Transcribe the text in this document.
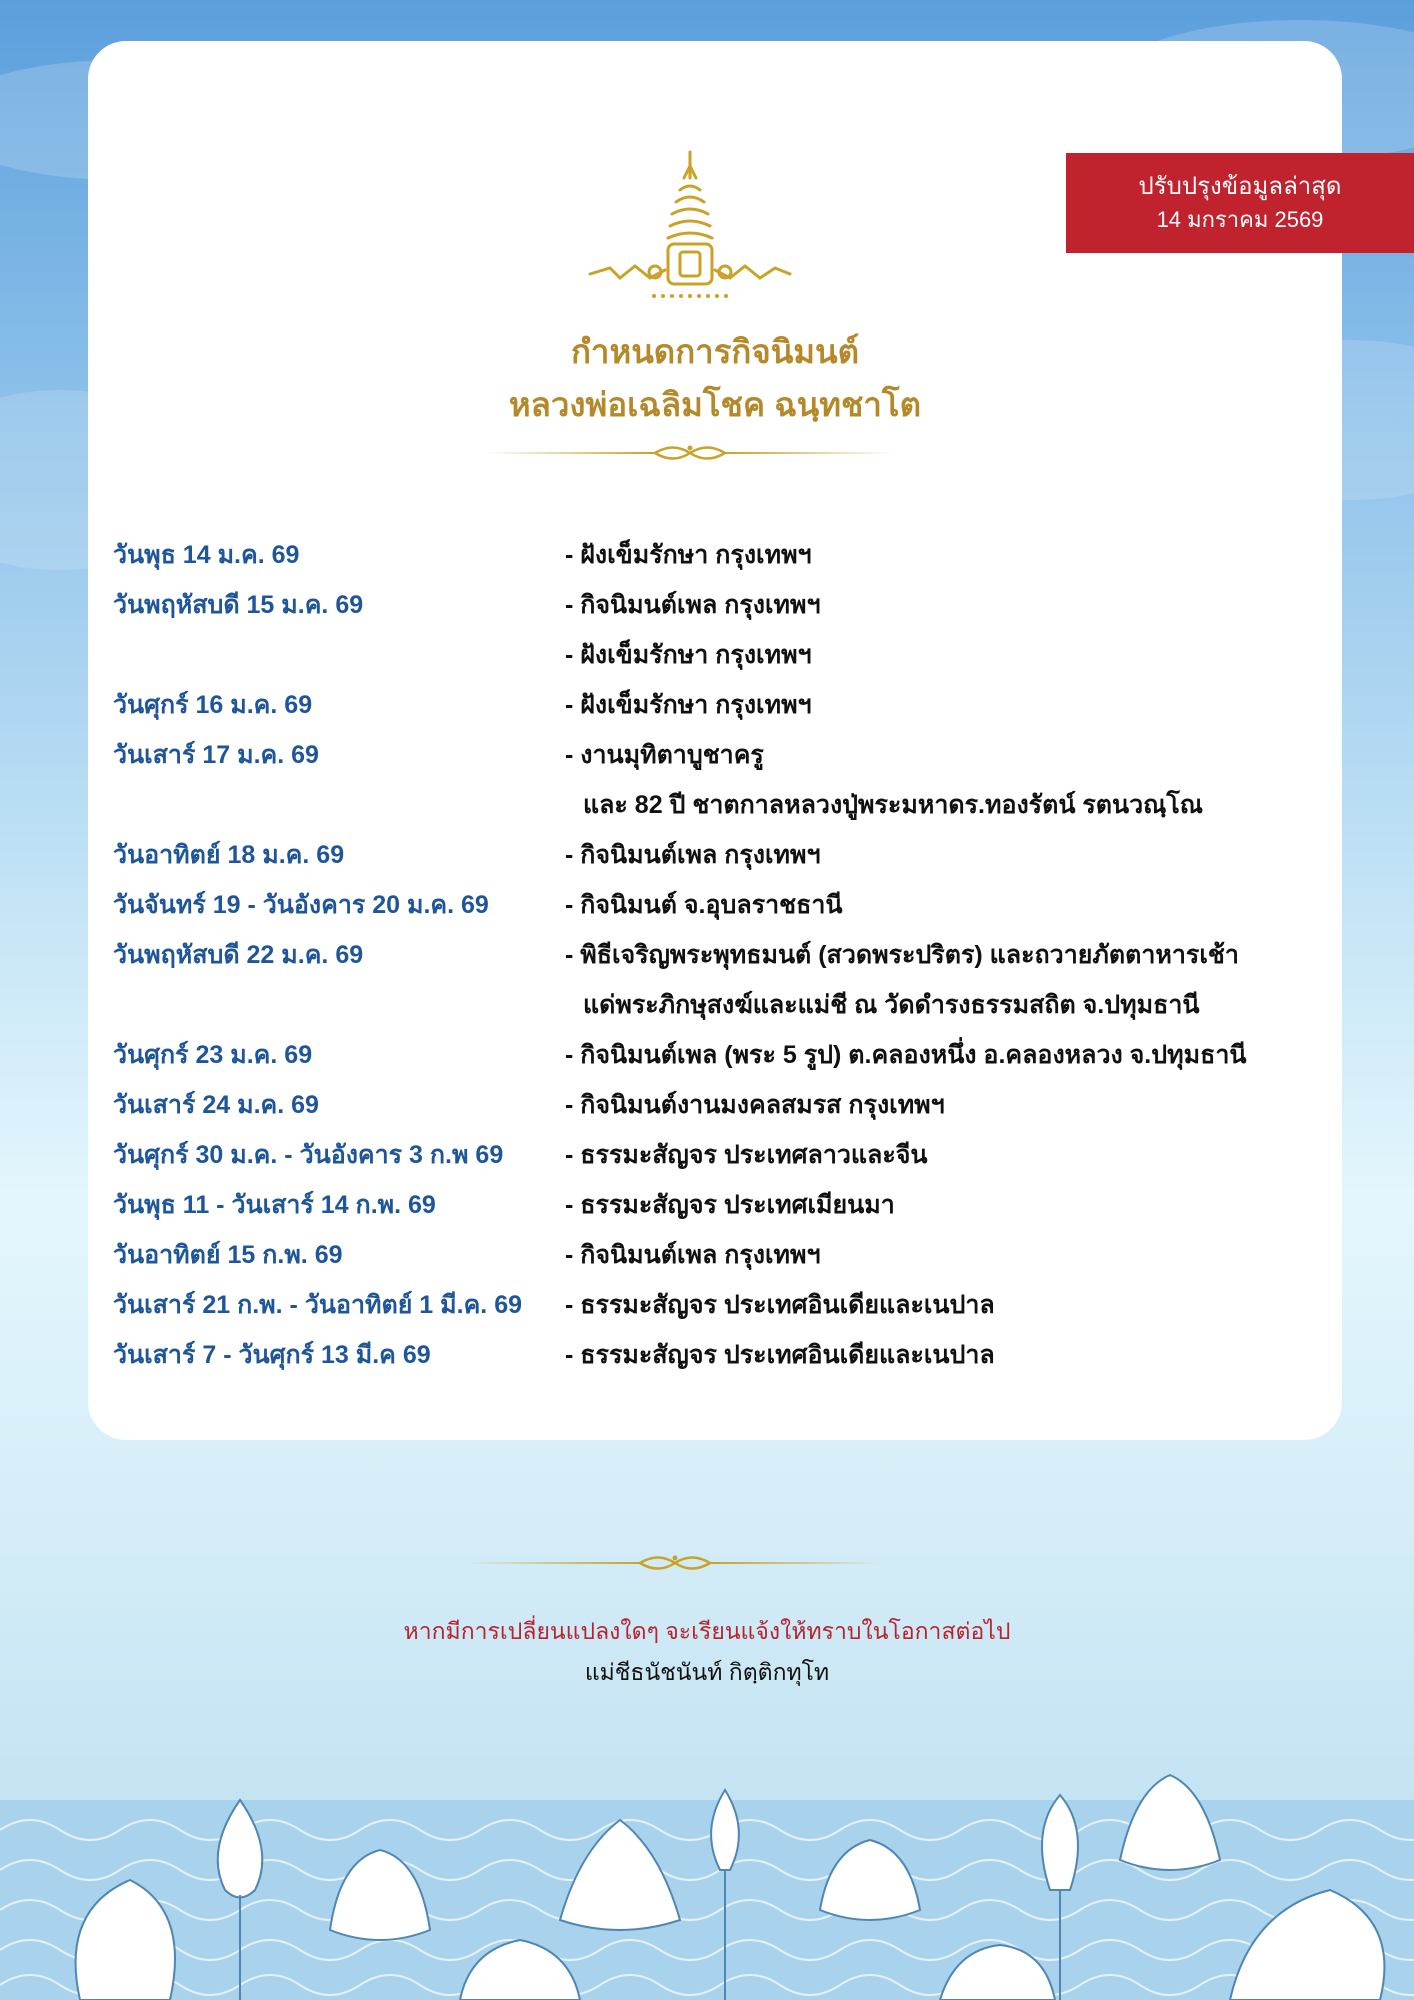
ปรับปรุงข้อมูลล่าสุด
14 มกราคม 2569
กำหนดการกิจนิมนต์
หลวงพ่อเฉลิมโชค ฉนฺทชาโต
วันพุธ 14 ม.ค. 69	- ฝังเข็มรักษา กรุงเทพฯ
วันพฤหัสบดี 15 ม.ค. 69	- กิจนิมนต์เพล กรุงเทพฯ
- ฝังเข็มรักษา กรุงเทพฯ
วันศุกร์ 16 ม.ค. 69	- ฝังเข็มรักษา กรุงเทพฯ
วันเสาร์ 17 ม.ค. 69	- งานมุทิตาบูชาครู
และ 82 ปี ชาตกาลหลวงปู่พระมหาดร.ทองรัตน์ รตนวณฺโณ
วันอาทิตย์ 18 ม.ค. 69	- กิจนิมนต์เพล กรุงเทพฯ
วันจันทร์ 19 - วันอังคาร 20 ม.ค. 69	- กิจนิมนต์ จ.อุบลราชธานี
วันพฤหัสบดี 22 ม.ค. 69	- พิธีเจริญพระพุทธมนต์ (สวดพระปริตร) และถวายภัตตาหารเช้า
แด่พระภิกษุสงฆ์และแม่ชี ณ วัดดำรงธรรมสถิต จ.ปทุมธานี
วันศุกร์ 23 ม.ค. 69	- กิจนิมนต์เพล (พระ 5 รูป) ต.คลองหนึ่ง อ.คลองหลวง จ.ปทุมธานี
วันเสาร์ 24 ม.ค. 69	- กิจนิมนต์งานมงคลสมรส กรุงเทพฯ
วันศุกร์ 30 ม.ค. - วันอังคาร 3 ก.พ 69	- ธรรมะสัญจร ประเทศลาวและจีน
วันพุธ 11 - วันเสาร์ 14 ก.พ. 69	- ธรรมะสัญจร ประเทศเมียนมา
วันอาทิตย์ 15 ก.พ. 69	- กิจนิมนต์เพล กรุงเทพฯ
วันเสาร์ 21 ก.พ. - วันอาทิตย์ 1 มี.ค. 69	- ธรรมะสัญจร ประเทศอินเดียและเนปาล
วันเสาร์ 7 - วันศุกร์ 13 มี.ค 69	- ธรรมะสัญจร ประเทศอินเดียและเนปาล
หากมีการเปลี่ยนแปลงใดๆ จะเรียนแจ้งให้ทราบในโอกาสต่อไป
แม่ชีธนัชนันท์ กิตฺติกทุโท
